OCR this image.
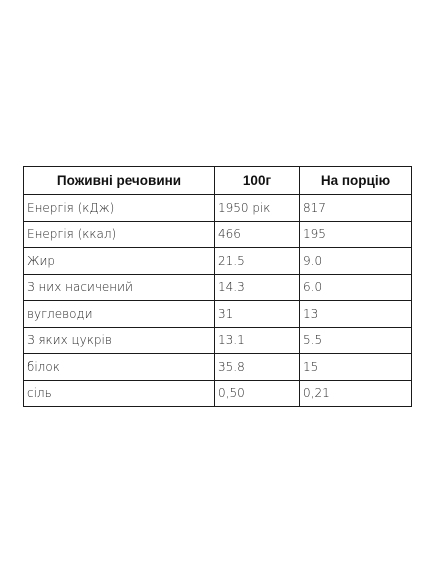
Поживні речовини	100г	На порцію
Енергія (кДж)	1950 рік	817
Енергія (ккал)	466	195
Жир	21.5	9.0
З них насичений	14.3	6.0
вуглеводи	31	13
З яких цукрів	13.1	5.5
білок	35.8	15
сіль	0,50	0,21
